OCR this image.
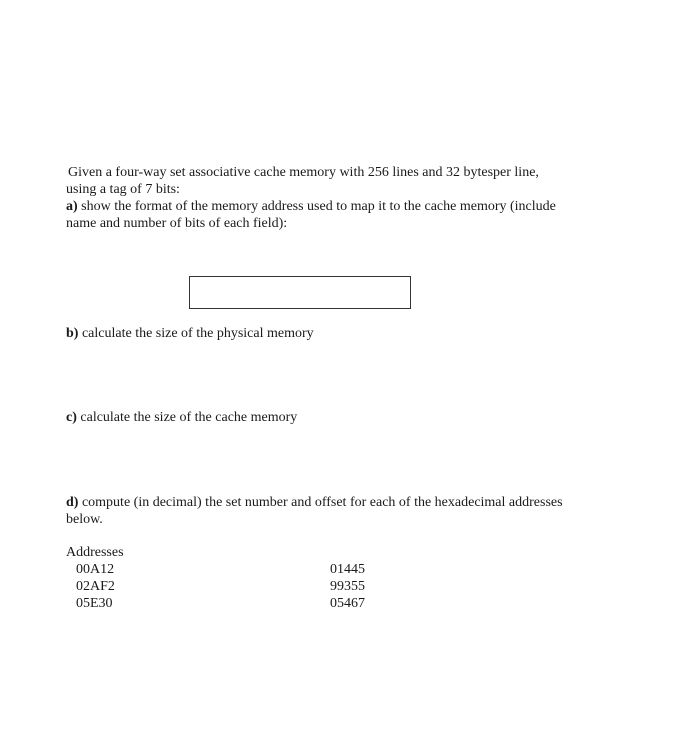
Given a four-way set associative cache memory with 256 lines and 32 bytesper line,
using a tag of 7 bits:
a) show the format of the memory address used to map it to the cache memory (include
name and number of bits of each field):
b) calculate the size of the physical memory
c) calculate the size of the cache memory
d) compute (in decimal) the set number and offset for each of the hexadecimal addresses
below.
Addresses
00A12
02AF2
05E30
01445
99355
05467
